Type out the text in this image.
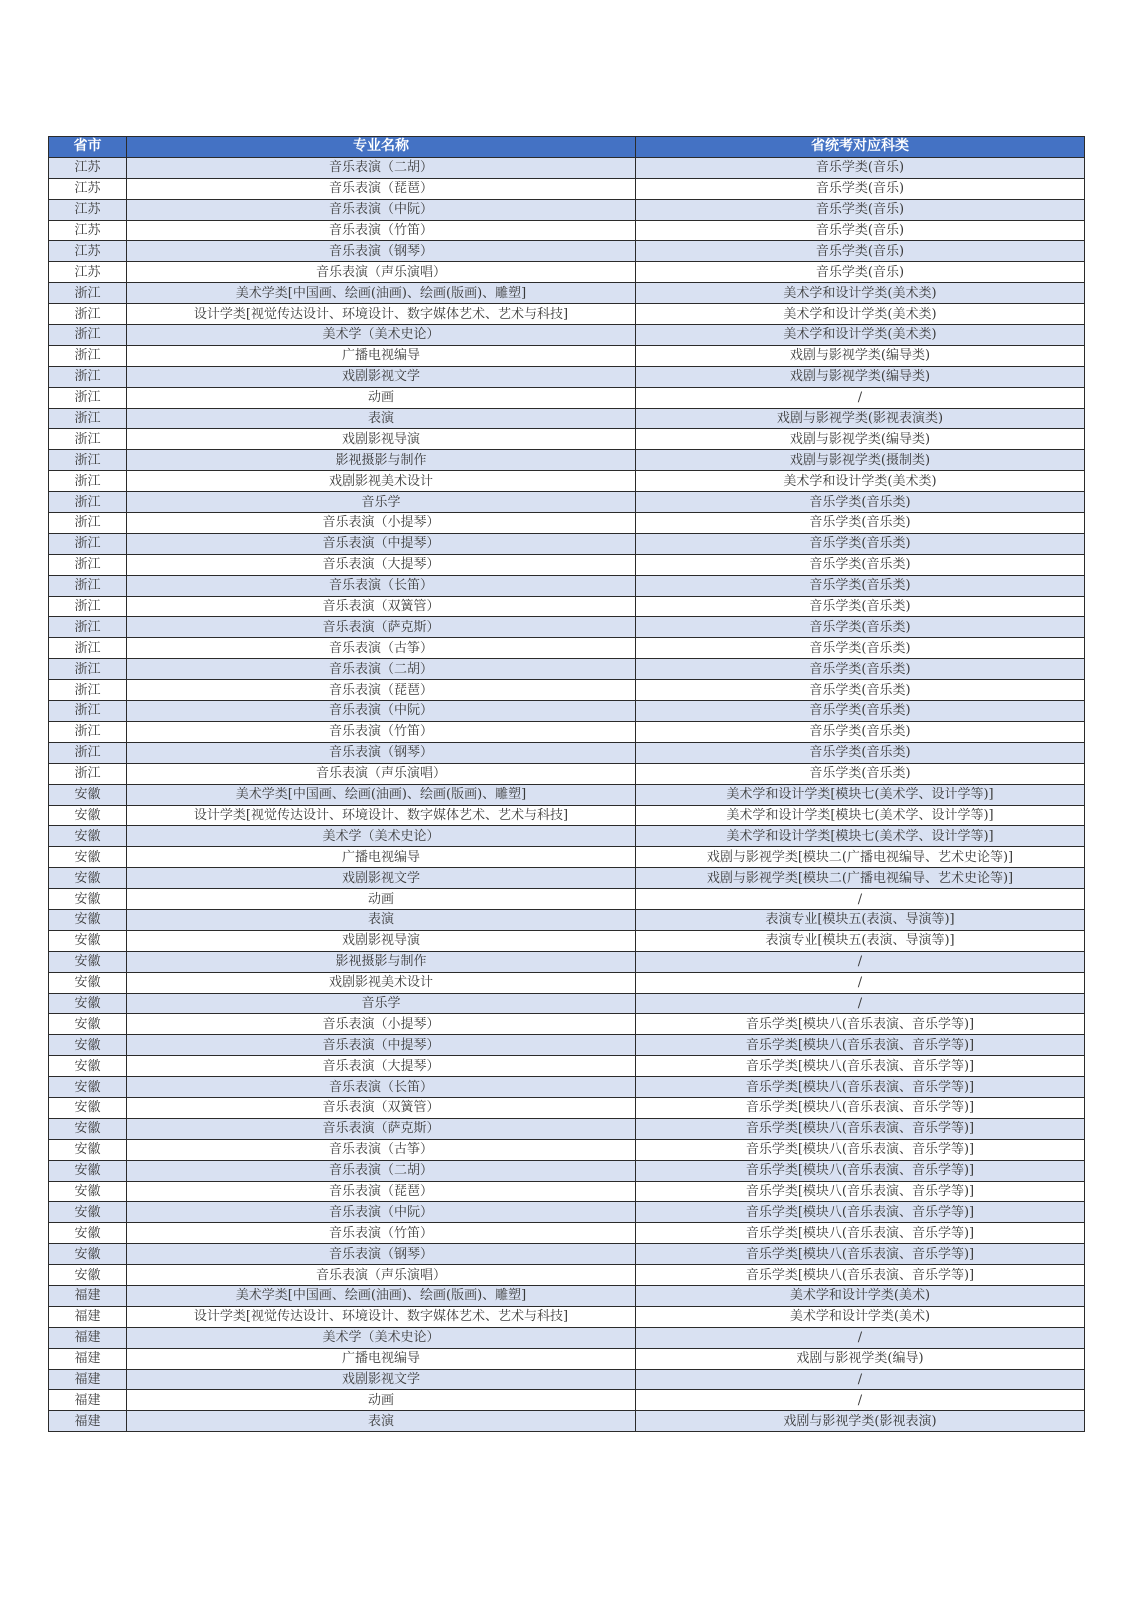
省市	专业名称	省统考对应科类
江苏	音乐表演（二胡）	音乐学类(音乐)
江苏	音乐表演（琵琶）	音乐学类(音乐)
江苏	音乐表演（中阮）	音乐学类(音乐)
江苏	音乐表演（竹笛）	音乐学类(音乐)
江苏	音乐表演（钢琴）	音乐学类(音乐)
江苏	音乐表演（声乐演唱）	音乐学类(音乐)
浙江	美术学类[中国画、绘画(油画)、绘画(版画)、雕塑]	美术学和设计学类(美术类)
浙江	设计学类[视觉传达设计、环境设计、数字媒体艺术、艺术与科技]	美术学和设计学类(美术类)
浙江	美术学（美术史论）	美术学和设计学类(美术类)
浙江	广播电视编导	戏剧与影视学类(编导类)
浙江	戏剧影视文学	戏剧与影视学类(编导类)
浙江	动画	/
浙江	表演	戏剧与影视学类(影视表演类)
浙江	戏剧影视导演	戏剧与影视学类(编导类)
浙江	影视摄影与制作	戏剧与影视学类(摄制类)
浙江	戏剧影视美术设计	美术学和设计学类(美术类)
浙江	音乐学	音乐学类(音乐类)
浙江	音乐表演（小提琴）	音乐学类(音乐类)
浙江	音乐表演（中提琴）	音乐学类(音乐类)
浙江	音乐表演（大提琴）	音乐学类(音乐类)
浙江	音乐表演（长笛）	音乐学类(音乐类)
浙江	音乐表演（双簧管）	音乐学类(音乐类)
浙江	音乐表演（萨克斯）	音乐学类(音乐类)
浙江	音乐表演（古筝）	音乐学类(音乐类)
浙江	音乐表演（二胡）	音乐学类(音乐类)
浙江	音乐表演（琵琶）	音乐学类(音乐类)
浙江	音乐表演（中阮）	音乐学类(音乐类)
浙江	音乐表演（竹笛）	音乐学类(音乐类)
浙江	音乐表演（钢琴）	音乐学类(音乐类)
浙江	音乐表演（声乐演唱）	音乐学类(音乐类)
安徽	美术学类[中国画、绘画(油画)、绘画(版画)、雕塑]	美术学和设计学类[模块七(美术学、设计学等)]
安徽	设计学类[视觉传达设计、环境设计、数字媒体艺术、艺术与科技]	美术学和设计学类[模块七(美术学、设计学等)]
安徽	美术学（美术史论）	美术学和设计学类[模块七(美术学、设计学等)]
安徽	广播电视编导	戏剧与影视学类[模块二(广播电视编导、艺术史论等)]
安徽	戏剧影视文学	戏剧与影视学类[模块二(广播电视编导、艺术史论等)]
安徽	动画	/
安徽	表演	表演专业[模块五(表演、导演等)]
安徽	戏剧影视导演	表演专业[模块五(表演、导演等)]
安徽	影视摄影与制作	/
安徽	戏剧影视美术设计	/
安徽	音乐学	/
安徽	音乐表演（小提琴）	音乐学类[模块八(音乐表演、音乐学等)]
安徽	音乐表演（中提琴）	音乐学类[模块八(音乐表演、音乐学等)]
安徽	音乐表演（大提琴）	音乐学类[模块八(音乐表演、音乐学等)]
安徽	音乐表演（长笛）	音乐学类[模块八(音乐表演、音乐学等)]
安徽	音乐表演（双簧管）	音乐学类[模块八(音乐表演、音乐学等)]
安徽	音乐表演（萨克斯）	音乐学类[模块八(音乐表演、音乐学等)]
安徽	音乐表演（古筝）	音乐学类[模块八(音乐表演、音乐学等)]
安徽	音乐表演（二胡）	音乐学类[模块八(音乐表演、音乐学等)]
安徽	音乐表演（琵琶）	音乐学类[模块八(音乐表演、音乐学等)]
安徽	音乐表演（中阮）	音乐学类[模块八(音乐表演、音乐学等)]
安徽	音乐表演（竹笛）	音乐学类[模块八(音乐表演、音乐学等)]
安徽	音乐表演（钢琴）	音乐学类[模块八(音乐表演、音乐学等)]
安徽	音乐表演（声乐演唱）	音乐学类[模块八(音乐表演、音乐学等)]
福建	美术学类[中国画、绘画(油画)、绘画(版画)、雕塑]	美术学和设计学类(美术)
福建	设计学类[视觉传达设计、环境设计、数字媒体艺术、艺术与科技]	美术学和设计学类(美术)
福建	美术学（美术史论）	/
福建	广播电视编导	戏剧与影视学类(编导)
福建	戏剧影视文学	/
福建	动画	/
福建	表演	戏剧与影视学类(影视表演)
